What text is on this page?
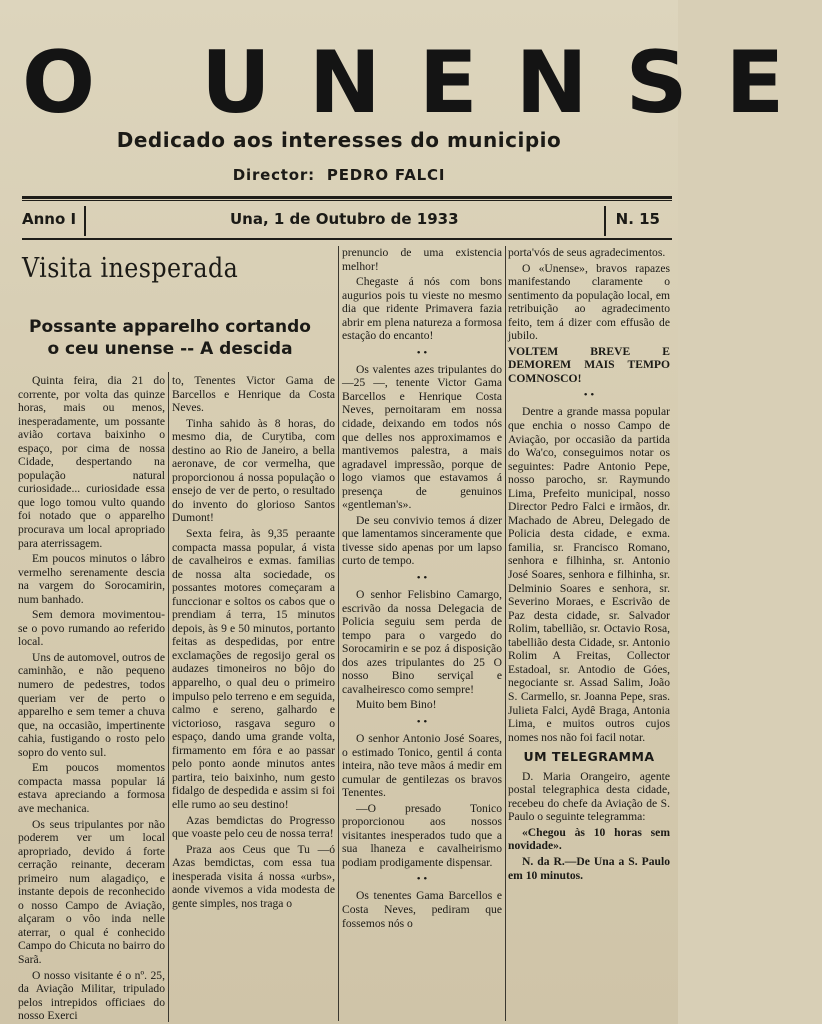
O UNENSE
Dedicado aos interesses do municipio
Director: PEDRO FALCI
Anno I	Una, 1 de Outubro de 1933	N. 15
Visita inesperada
Possante apparelho cortando
o ceu unense -- A descida

Quinta feira, dia 21 do corrente, por volta das quinze horas, mais ou menos, inesperadamente, um possante avião cortava baixinho o espaço, por cima de nossa Cidade, despertando na população natural curiosidade... curiosidade essa que logo tomou vulto quando foi notado que o apparelho procurava um local apropriado para aterrissagem.

Em poucos minutos o lábro vermelho serenamente descia na vargem do Sorocamirin, num banhado.

Sem demora movimentou-se o povo rumando ao referido local.

Uns de automovel, outros de caminhão, e não pequeno numero de pedestres, todos queriam ver de perto o apparelho e sem temer a chuva que, na occasião, impertinente cahia, fustigando o rosto pelo sopro do vento sul.

Em poucos momentos compacta massa popular lá estava apreciando a formosa ave mechanica.

Os seus tripulantes por não poderem ver um local apropriado, devido á forte cerração reinante, deceram primeiro num alagadiço, e instante depois de reconhecido o nosso Campo de Aviação, alçaram o vôo inda nelle aterrar, o qual é conhecido Campo do Chicuta no bairro do Sarã.

O nosso visitante é o nº. 25, da Aviação Militar, tripulado pelos intrepidos officiaes do nosso Exerci

to, Tenentes Victor Gama de Barcellos e Henrique da Costa Neves.

Tinha sahido às 8 horas, do mesmo dia, de Curytiba, com destino ao Rio de Janeiro, a bella aeronave, de cor vermelha, que proporcionou á nossa população o ensejo de ver de perto, o resultado do invento do glorioso Santos Dumont!

Sexta feira, às 9,35 peraante compacta massa popular, á vista de cavalheiros e exmas. familias de nossa alta sociedade, os possantes motores começaram a funccionar e soltos os cabos que o prendiam á terra, 15 minutos depois, às 9 e 50 minutos, portanto feitas as despedidas, por entre exclamações de regosijo geral os audazes timoneiros no bôjo do apparelho, o qual deu o primeiro impulso pelo terreno e em seguida, calmo e sereno, galhardo e victorioso, rasgava seguro o espaço, dando uma grande volta, firmamento em fóra e ao passar pelo ponto aonde minutos antes partira, teio baixinho, num gesto fidalgo de despedida e assim si foi elle rumo ao seu destino!

Azas bemdictas do Progresso que voaste pelo ceu de nossa terra!

Praza aos Ceus que Tu —ó Azas bemdictas, com essa tua inesperada visita á nossa «urbs», aonde vivemos a vida modesta de gente simples, nos traga o

prenuncio de uma existencia melhor!

Chegaste á nós com bons augurios pois tu vieste no mesmo dia que ridente Primavera fazia abrir em plena natureza a formosa estação do encanto!

• •

Os valentes azes tripulantes do —25 —, tenente Victor Gama Barcellos e Henrique Costa Neves, pernoitaram em nossa cidade, deixando em todos nós que delles nos approximamos e mantivemos palestra, a mais agradavel impressão, porque de logo viamos que estavamos á presença de genuinos «gentleman's».

De seu convivio temos á dizer que lamentamos sinceramente que tivesse sido apenas por um lapso curto de tempo.

• •

O senhor Felisbino Camargo, escrivão da nossa Delegacia de Policia seguiu sem perda de tempo para o vargedo do Sorocamirin e se poz á disposição dos azes tripulantes do 25 O nosso Bino serviçal e cavalheiresco como sempre!

Muito bem Bino!

• •

O senhor Antonio José Soares, o estimado Tonico, gentil á conta inteira, não teve mãos á medir em cumular de gentilezas os bravos Tenentes.

—O presado Tonico proporcionou aos nossos visitantes inesperados tudo que a sua lhaneza e cavalheirismo podiam prodigamente dispensar.

• •

Os tenentes Gama Barcellos e Costa Neves, pediram que fossemos nós o

porta'vós de seus agradecimentos.

O «Unense», bravos rapazes manifestando claramente o sentimento da população local, em retribuição ao agradecimento feito, tem á dizer com effusão de jubilo.

VOLTEM BREVE E DEMOREM MAIS TEMPO COMNOSCO!

• •

Dentre a grande massa popular que enchia o nosso Campo de Aviação, por occasião da partida do Wa'co, conseguimos notar os seguintes: Padre Antonio Pepe, nosso parocho, sr. Raymundo Lima, Prefeito municipal, nosso Director Pedro Falci e irmãos, dr. Machado de Abreu, Delegado de Policia desta cidade, e exma. familia, sr. Francisco Romano, senhora e filhinha, sr. Antonio José Soares, senhora e filhinha, sr. Delminio Soares e senhora, sr. Severino Moraes, e Escrivão de Paz desta cidade, sr. Salvador Rolim, tabellião, sr. Octavio Rosa, tabellião desta Cidade, sr. Antonio Rolim A Freitas, Collector Estadoal, sr. Antodio de Góes, negociante sr. Assad Salim, João S. Carmello, sr. Joanna Pepe, sras. Julieta Falci, Aydê Braga, Antonia Lima, e muitos outros cujos nomes nos não foi facil notar.

UM TELEGRAMMA

D. Maria Orangeiro, agente postal telegraphica desta cidade, recebeu do chefe da Aviação de S. Paulo o seguinte telegramma:

«Chegou às 10 horas sem novidade».

N. da R.—De Una a S. Paulo em 10 minutos.
